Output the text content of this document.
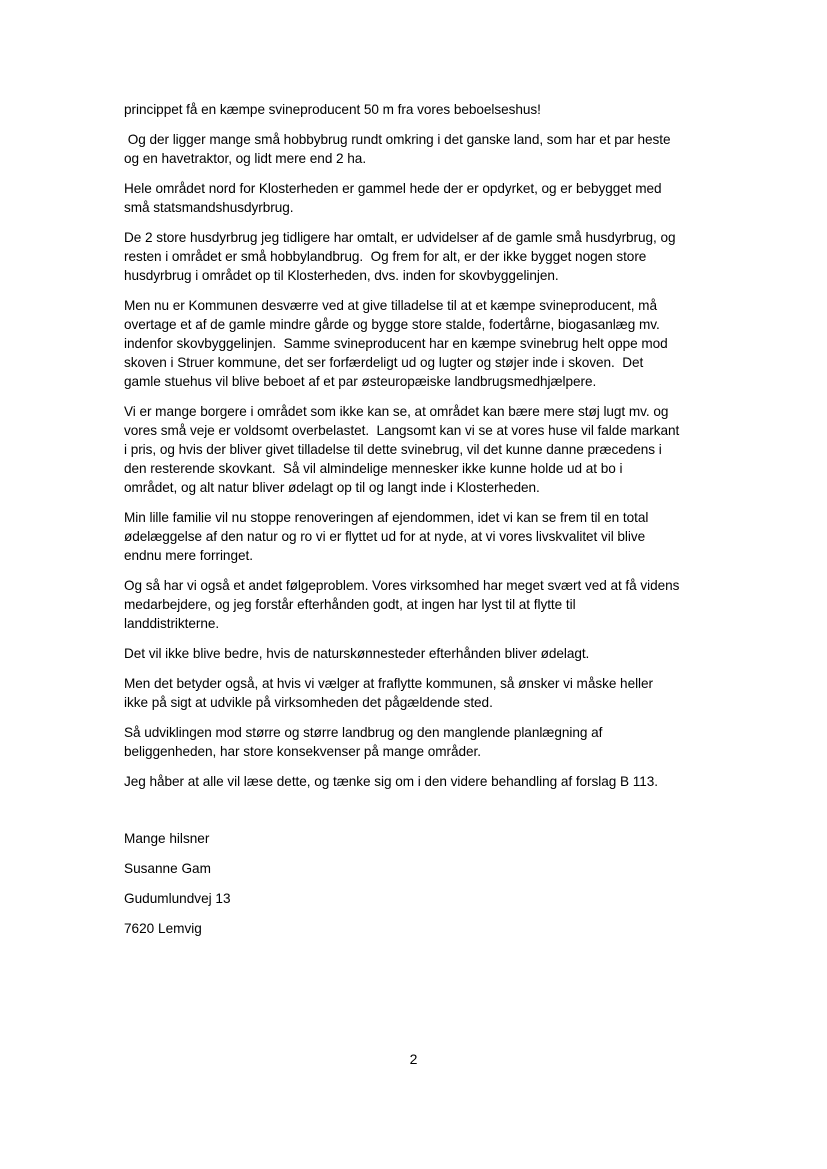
princippet få en kæmpe svineproducent 50 m fra vores beboelseshus!

Og der ligger mange små hobbybrug rundt omkring i det ganske land, som har et par heste
og en havetraktor, og lidt mere end 2 ha.

Hele området nord for Klosterheden er gammel hede der er opdyrket, og er bebygget med
små statsmandshusdyrbrug.

De 2 store husdyrbrug jeg tidligere har omtalt, er udvidelser af de gamle små husdyrbrug, og
resten i området er små hobbylandbrug.  Og frem for alt, er der ikke bygget nogen store
husdyrbrug i området op til Klosterheden, dvs. inden for skovbyggelinjen.

Men nu er Kommunen desværre ved at give tilladelse til at et kæmpe svineproducent, må
overtage et af de gamle mindre gårde og bygge store stalde, fodertårne, biogasanlæg mv.
indenfor skovbyggelinjen.  Samme svineproducent har en kæmpe svinebrug helt oppe mod
skoven i Struer kommune, det ser forfærdeligt ud og lugter og støjer inde i skoven.  Det
gamle stuehus vil blive beboet af et par østeuropæiske landbrugsmedhjælpere.

Vi er mange borgere i området som ikke kan se, at området kan bære mere støj lugt mv. og
vores små veje er voldsomt overbelastet.  Langsomt kan vi se at vores huse vil falde markant
i pris, og hvis der bliver givet tilladelse til dette svinebrug, vil det kunne danne præcedens i
den resterende skovkant.  Så vil almindelige mennesker ikke kunne holde ud at bo i
området, og alt natur bliver ødelagt op til og langt inde i Klosterheden.

Min lille familie vil nu stoppe renoveringen af ejendommen, idet vi kan se frem til en total
ødelæggelse af den natur og ro vi er flyttet ud for at nyde, at vi vores livskvalitet vil blive
endnu mere forringet.

Og så har vi også et andet følgeproblem. Vores virksomhed har meget svært ved at få videns
medarbejdere, og jeg forstår efterhånden godt, at ingen har lyst til at flytte til
landdistrikterne.

Det vil ikke blive bedre, hvis de naturskønnesteder efterhånden bliver ødelagt.

Men det betyder også, at hvis vi vælger at fraflytte kommunen, så ønsker vi måske heller
ikke på sigt at udvikle på virksomheden det pågældende sted.

Så udviklingen mod større og større landbrug og den manglende planlægning af
beliggenheden, har store konsekvenser på mange områder.

Jeg håber at alle vil læse dette, og tænke sig om i den videre behandling af forslag B 113.

Mange hilsner

Susanne Gam

Gudumlundvej 13

7620 Lemvig

2
